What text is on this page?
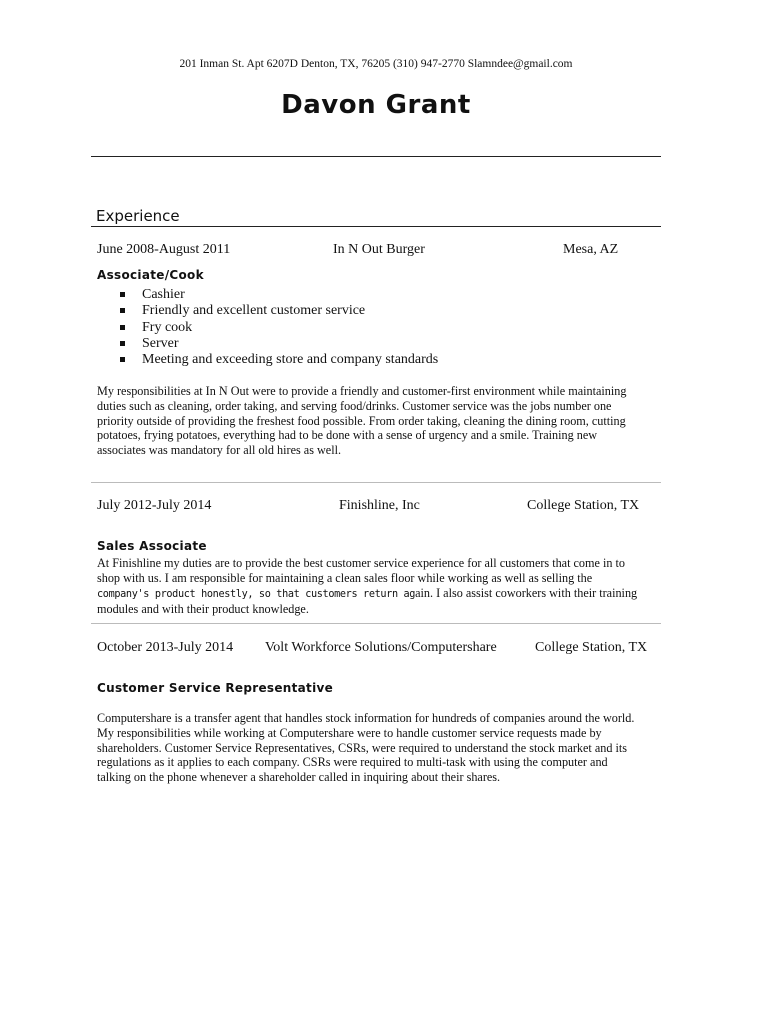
201 Inman St. Apt 6207D Denton, TX, 76205 (310) 947-2770 Slamndee@gmail.com
Davon Grant
Experience
June 2008-August 2011	In N Out Burger	Mesa, AZ
Associate/Cook
Cashier
Friendly and excellent customer service
Fry cook
Server
Meeting and exceeding store and company standards
My responsibilities at In N Out were to provide a friendly and customer-first environment while maintaining
duties such as cleaning, order taking, and serving food/drinks. Customer service was the jobs number one
priority outside of providing the freshest food possible. From order taking, cleaning the dining room, cutting
potatoes, frying potatoes, everything had to be done with a sense of urgency and a smile. Training new
associates was mandatory for all old hires as well.
July 2012-July 2014	Finishline, Inc	College Station, TX
Sales Associate
At Finishline my duties are to provide the best customer service experience for all customers that come in to
shop with us. I am responsible for maintaining a clean sales floor while working as well as selling the
company's product honestly, so that customers return again. I also assist coworkers with their training
modules and with their product knowledge.
October 2013-July 2014 Volt Workforce Solutions/Computershare	College Station, TX
Customer Service Representative
Computershare is a transfer agent that handles stock information for hundreds of companies around the world.
My responsibilities while working at Computershare were to handle customer service requests made by
shareholders. Customer Service Representatives, CSRs, were required to understand the stock market and its
regulations as it applies to each company. CSRs were required to multi-task with using the computer and
talking on the phone whenever a shareholder called in inquiring about their shares.
